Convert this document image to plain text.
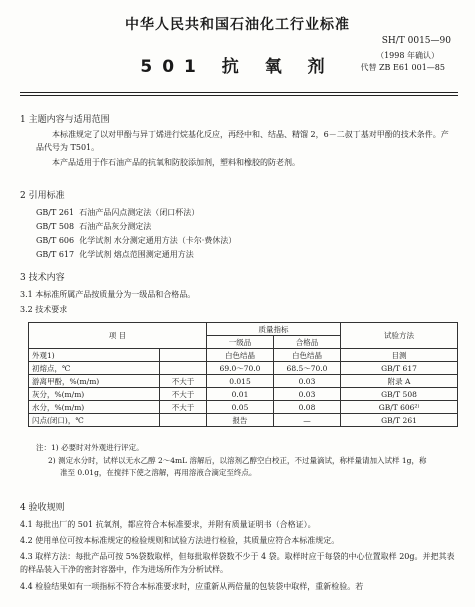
中华人民共和国石油化工行业标准
SH/T 0015—90
（1998 年确认）
代替 ZB E61 001—85
501 抗 氧 剂
1 主题内容与适用范围
本标准规定了以对甲酚与异丁烯进行烷基化反应，再经中和、结晶、精馏 2，6－二叔丁基对甲酚的技术条件。产品代号为 T501。
本产品适用于作石油产品的抗氧和防胶添加剂，塑料和橡胶的防老剂。
2 引用标准
GB/T 261 石油产品闪点测定法（闭口杯法）
GB/T 508 石油产品灰分测定法
GB/T 606 化学试剂 水分测定通用方法（卡尔·费休法）
GB/T 617 化学试剂 熔点范围测定通用方法
3 技术内容
3.1 本标准所属产品按质量分为一级品和合格品。
3.2 技术要求
项 目		质量指标		试验方法
		一级品	合格品	
外观1)		白色结晶	白色结晶	目测
初熔点，℃		69.0～70.0	68.5～70.0	GB/T 617
游离甲酚，%(m/m)	不大于	0.015	0.03	附录 A
灰分，%(m/m)	不大于	0.01	0.03	GB/T 508
水分，%(m/m)	不大于	0.05	0.08	GB/T 606²⁾
闪点(闭口)，℃		报告	—	GB/T 261
注：1) 必要时对外观进行评定。
2) 测定水分时，试样以无水乙醇 2～4mL 溶解后，以溶剂乙醇空白校正，不过量滴试，称样量请加入试样 1g，称
准至 0.01g，在搅拌下使之溶解，再用溶液合滴定至终点。
4 验收规则
4.1 每批出厂的 501 抗氧剂，都应符合本标准要求，并附有质量证明书（合格证）。
4.2 使用单位可按本标准规定的检验规则和试验方法进行检验，其质量应符合本标准规定。
4.3 取样方法：每批产品可按 5%袋数取样，但每批取样袋数不少于 4 袋。取样时应于每袋的中心位置取样 20g。并把其表的样品装入干净的密封容器中，作为进场所作为分析试样。
4.4 检验结果如有一项指标不符合本标准要求时，应重新从两倍量的包装袋中取样，重新检验。若
